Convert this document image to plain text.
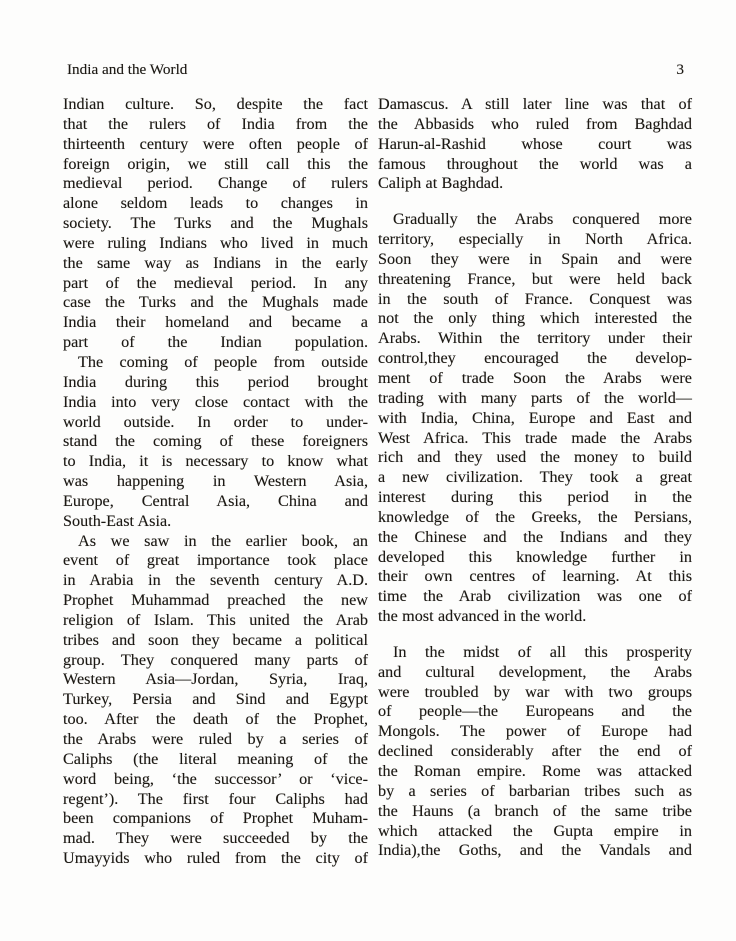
India and the World	3
Indian culture. So, despite the fact
that the rulers of India from the
thirteenth century were often people of
foreign origin, we still call this the
medieval period. Change of rulers
alone seldom leads to changes in
society. The Turks and the Mughals
were ruling Indians who lived in much
the same way as Indians in the early
part of the medieval period. In any
case the Turks and the Mughals made
India their homeland and became a
part of the Indian population.
The coming of people from outside
India during this period brought
India into very close contact with the
world outside. In order to under-
stand the coming of these foreigners
to India, it is necessary to know what
was happening in Western Asia,
Europe, Central Asia, China and
South-East Asia.
As we saw in the earlier book, an
event of great importance took place
in Arabia in the seventh century A.D.
Prophet Muhammad preached the new
religion of Islam. This united the Arab
tribes and soon they became a political
group. They conquered many parts of
Western Asia—Jordan, Syria, Iraq,
Turkey, Persia and Sind and Egypt
too. After the death of the Prophet,
the Arabs were ruled by a series of
Caliphs (the literal meaning of the
word being, ‘the successor’ or ‘vice-
regent’). The first four Caliphs had
been companions of Prophet Muham-
mad. They were succeeded by the
Umayyids who ruled from the city of
Damascus. A still later line was that of
the Abbasids who ruled from Baghdad
Harun-al-Rashid whose court was
famous throughout the world was a
Caliph at Baghdad.
Gradually the Arabs conquered more
territory, especially in North Africa.
Soon they were in Spain and were
threatening France, but were held back
in the south of France. Conquest was
not the only thing which interested the
Arabs. Within the territory under their
control,they encouraged the develop-
ment of trade Soon the Arabs were
trading with many parts of the world—
with India, China, Europe and East and
West Africa. This trade made the Arabs
rich and they used the money to build
a new civilization. They took a great
interest during this period in the
knowledge of the Greeks, the Persians,
the Chinese and the Indians and they
developed this knowledge further in
their own centres of learning. At this
time the Arab civilization was one of
the most advanced in the world.
In the midst of all this prosperity
and cultural development, the Arabs
were troubled by war with two groups
of people—the Europeans and the
Mongols. The power of Europe had
declined considerably after the end of
the Roman empire. Rome was attacked
by a series of barbarian tribes such as
the Hauns (a branch of the same tribe
which attacked the Gupta empire in
India),the Goths, and the Vandals and
